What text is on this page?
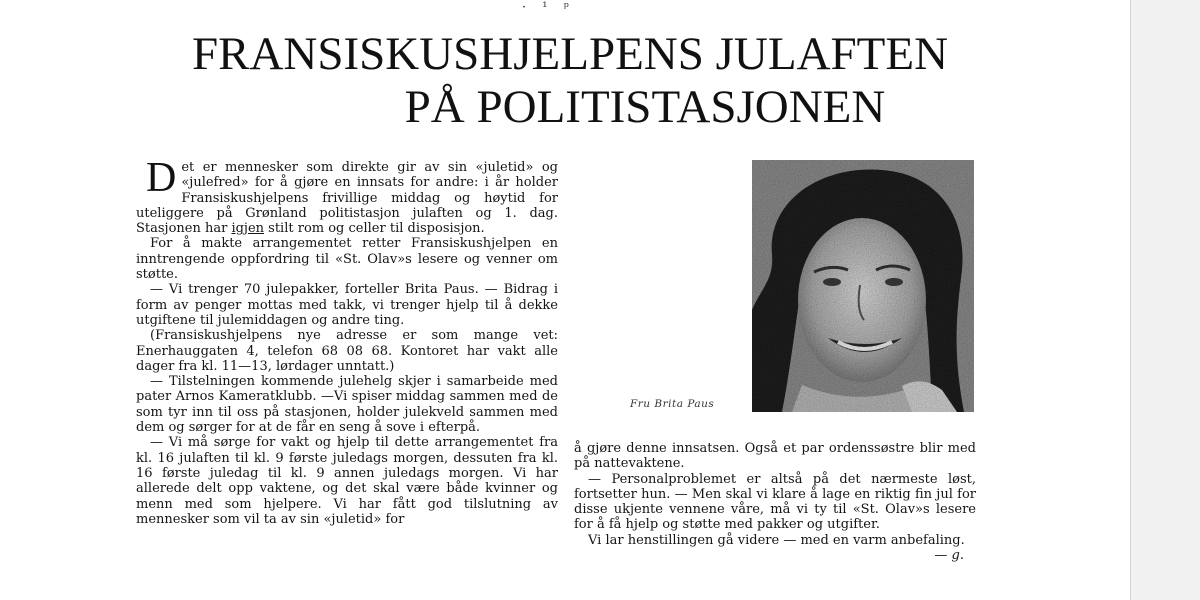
· ¹ ᵖ
FRANSISKUSHJELPENS JULAFTEN
PÅ POLITISTASJONEN

Det er mennesker som direkte gir av sin «juletid» og «julefred» for å gjøre en innsats for andre: i år holder Fransiskushjelpens frivillige middag og høytid for uteliggere på Grønland politistasjon julaften og 1. dag. Stasjonen har igjen stilt rom og celler til disposisjon.

For å makte arrangementet retter Fransiskushjelpen en inntrengende oppfordring til «St. Olav»s lesere og venner om støtte.

— Vi trenger 70 julepakker, forteller Brita Paus. — Bidrag i form av penger mottas med takk, vi trenger hjelp til å dekke utgiftene til julemiddagen og andre ting.

(Fransiskushjelpens nye adresse er som mange vet: Enerhauggaten 4, telefon 68 08 68. Kontoret har vakt alle dager fra kl. 11—13, lørdager unntatt.)

— Tilstelningen kommende julehelg skjer i samarbeide med pater Arnos Kameratklubb. —Vi spiser middag sammen med de som tyr inn til oss på stasjonen, holder julekveld sammen med dem og sørger for at de får en seng å sove i efterpå.

— Vi må sørge for vakt og hjelp til dette arrangementet fra kl. 16 julaften til kl. 9 første juledags morgen, dessuten fra kl. 16 første juledag til kl. 9 annen juledags morgen. Vi har allerede delt opp vaktene, og det skal være både kvinner og menn med som hjelpere. Vi har fått god tilslutning av mennesker som vil ta av sin «juletid» for

Fru Brita Paus

å gjøre denne innsatsen. Også et par ordenssøstre blir med på nattevaktene.

— Personalproblemet er altså på det nærmeste løst, fortsetter hun. — Men skal vi klare å lage en riktig fin jul for disse ukjente vennene våre, må vi ty til «St. Olav»s lesere for å få hjelp og støtte med pakker og utgifter.

Vi lar henstillingen gå videre — med en varm anbefaling.

— g.
